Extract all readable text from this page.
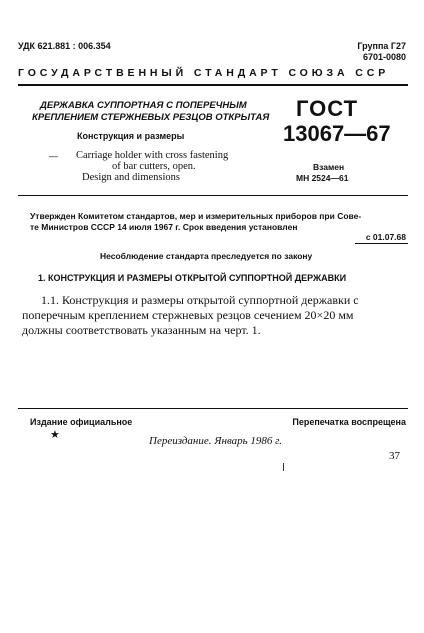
УДК 621.881 : 006.354	Группа Г27
6701-0080
ГОСУДАРСТВЕННЫЙ СТАНДАРТ СОЮЗА ССР
ДЕРЖАВКА СУППОРТНАЯ С ПОПЕРЕЧНЫМ
КРЕПЛЕНИЕМ СТЕРЖНЕВЫХ РЕЗЦОВ ОТКРЫТАЯ
Конструкция и размеры
— Carriage holder with cross fastening
of bar cutters, open.
Design and dimensions
ГОСТ
13067—67
Взамен
МН 2524—61
Утвержден Комитетом стандартов, мер и измерительных приборов при Сове-
те Министров СССР 14 июля 1967 г. Срок введения установлен
с 01.07.68
Несоблюдение стандарта преследуется по закону
1. КОНСТРУКЦИЯ И РАЗМЕРЫ ОТКРЫТОЙ СУППОРТНОЙ ДЕРЖАВКИ
1.1. Конструкция и размеры открытой суппортной державки с
поперечным креплением стержневых резцов сечением 20×20 мм
должны соответствовать указанным на черт. 1.
Издание официальное	Перепечатка воспрещена
★	Переиздание. Январь 1986 г.
37
